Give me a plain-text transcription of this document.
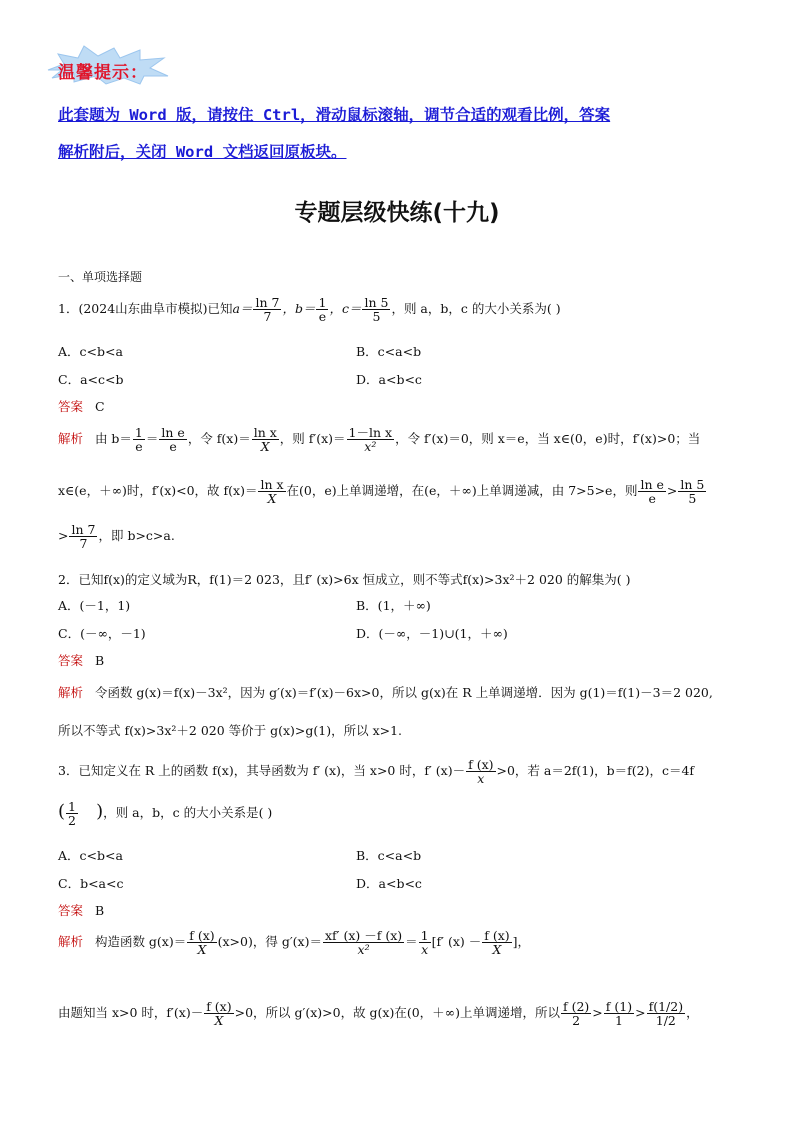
温馨提示：
此套题为 Word 版，请按住 Ctrl，滑动鼠标滚轴，调节合适的观看比例，答案
解析附后，关闭 Word 文档返回原板块。
专题层级快练(十九)
一、单项选择题
1．(2024山东曲阜市模拟)已知$a= \frac{\ln 7}{7}$ ，$b= \frac{1}{e}$ ，$c= \frac{\ln 5}{5}$ ，则 a，b，c 的大小关系为( )
A．c<b<a	B．c<a<b
C．a<c<b	D．a<b<c
答案 C
解析 由 $b= \frac{1}{e} = \frac{\text{ln e}}{e}$ ，令 $f(x)= \frac{\text{ln x}}{X}$ ，则 $f'(x)= \frac{\text{1－ln x}}{\text{x²}}$ ，令 f′(x)＝0，则 x＝e，当 x∈(0，e)时，f′(x)>0；当
x∈(e，＋∞)时，f′(x)<0，故 $f(x)= \frac{\text{ln x}}{X}$ 在(0，e)上单调递增，在(e，＋∞)上单调递减，由 7>5>e，则 $\frac{\text{ln e}}{e} > \frac{\ln 5}{5}$
> $\frac{\ln 7}{7}$ ，即 b>c>a.
2．已知f(x)的定义域为R，f(1)＝2 023，且f′ (x)>6x 恒成立，则不等式f(x)>3x²＋2 020 的解集为( )
A．(－1，1)	B．(1，＋∞)
C．(－∞，－1)	D．(－∞，－1)∪(1，＋∞)
答案 B
解析 令函数 g(x)＝f(x)－3x²，因为 g′(x)＝f′(x)－6x>0，所以 g(x)在 R 上单调递增．因为 g(1)＝f(1)－3＝2 020,
所以不等式 f(x)>3x²＋2 020 等价于 g(x)>g(1)，所以 x>1.
3．已知定义在 R 上的函数 f(x)，其导函数为 f′ (x)，当 x>0 时，f′ $(x)- \frac{f (x)}{x} >0$，若 a＝2f(1)，b＝f(2)，c＝4f
( $\frac{1}{2}$ )，则 a，b，c 的大小关系是( )
A．c<b<a	B．c<a<b
C．b<a<c	D．a<b<c
答案 B
解析 构造函数 $g(x)= \frac{f (x)}{X} (x>0)$，得 $g'(x)= \frac{xf' (x) -f (x)}{\text{x²}} = \frac{1}{x} [f'$ $(x) - \frac{f (x)}{X}$ ]，
由题知当 x>0 时，$f'(x)- \frac{f (x)}{X} >0$，所以 g′(x)>0，故 g(x)在(0，＋∞)上单调递增，所以 $\frac{f (2)}{2} > \frac{f (1)}{1} > \frac{f(1/2)}{1/2}$ ，
